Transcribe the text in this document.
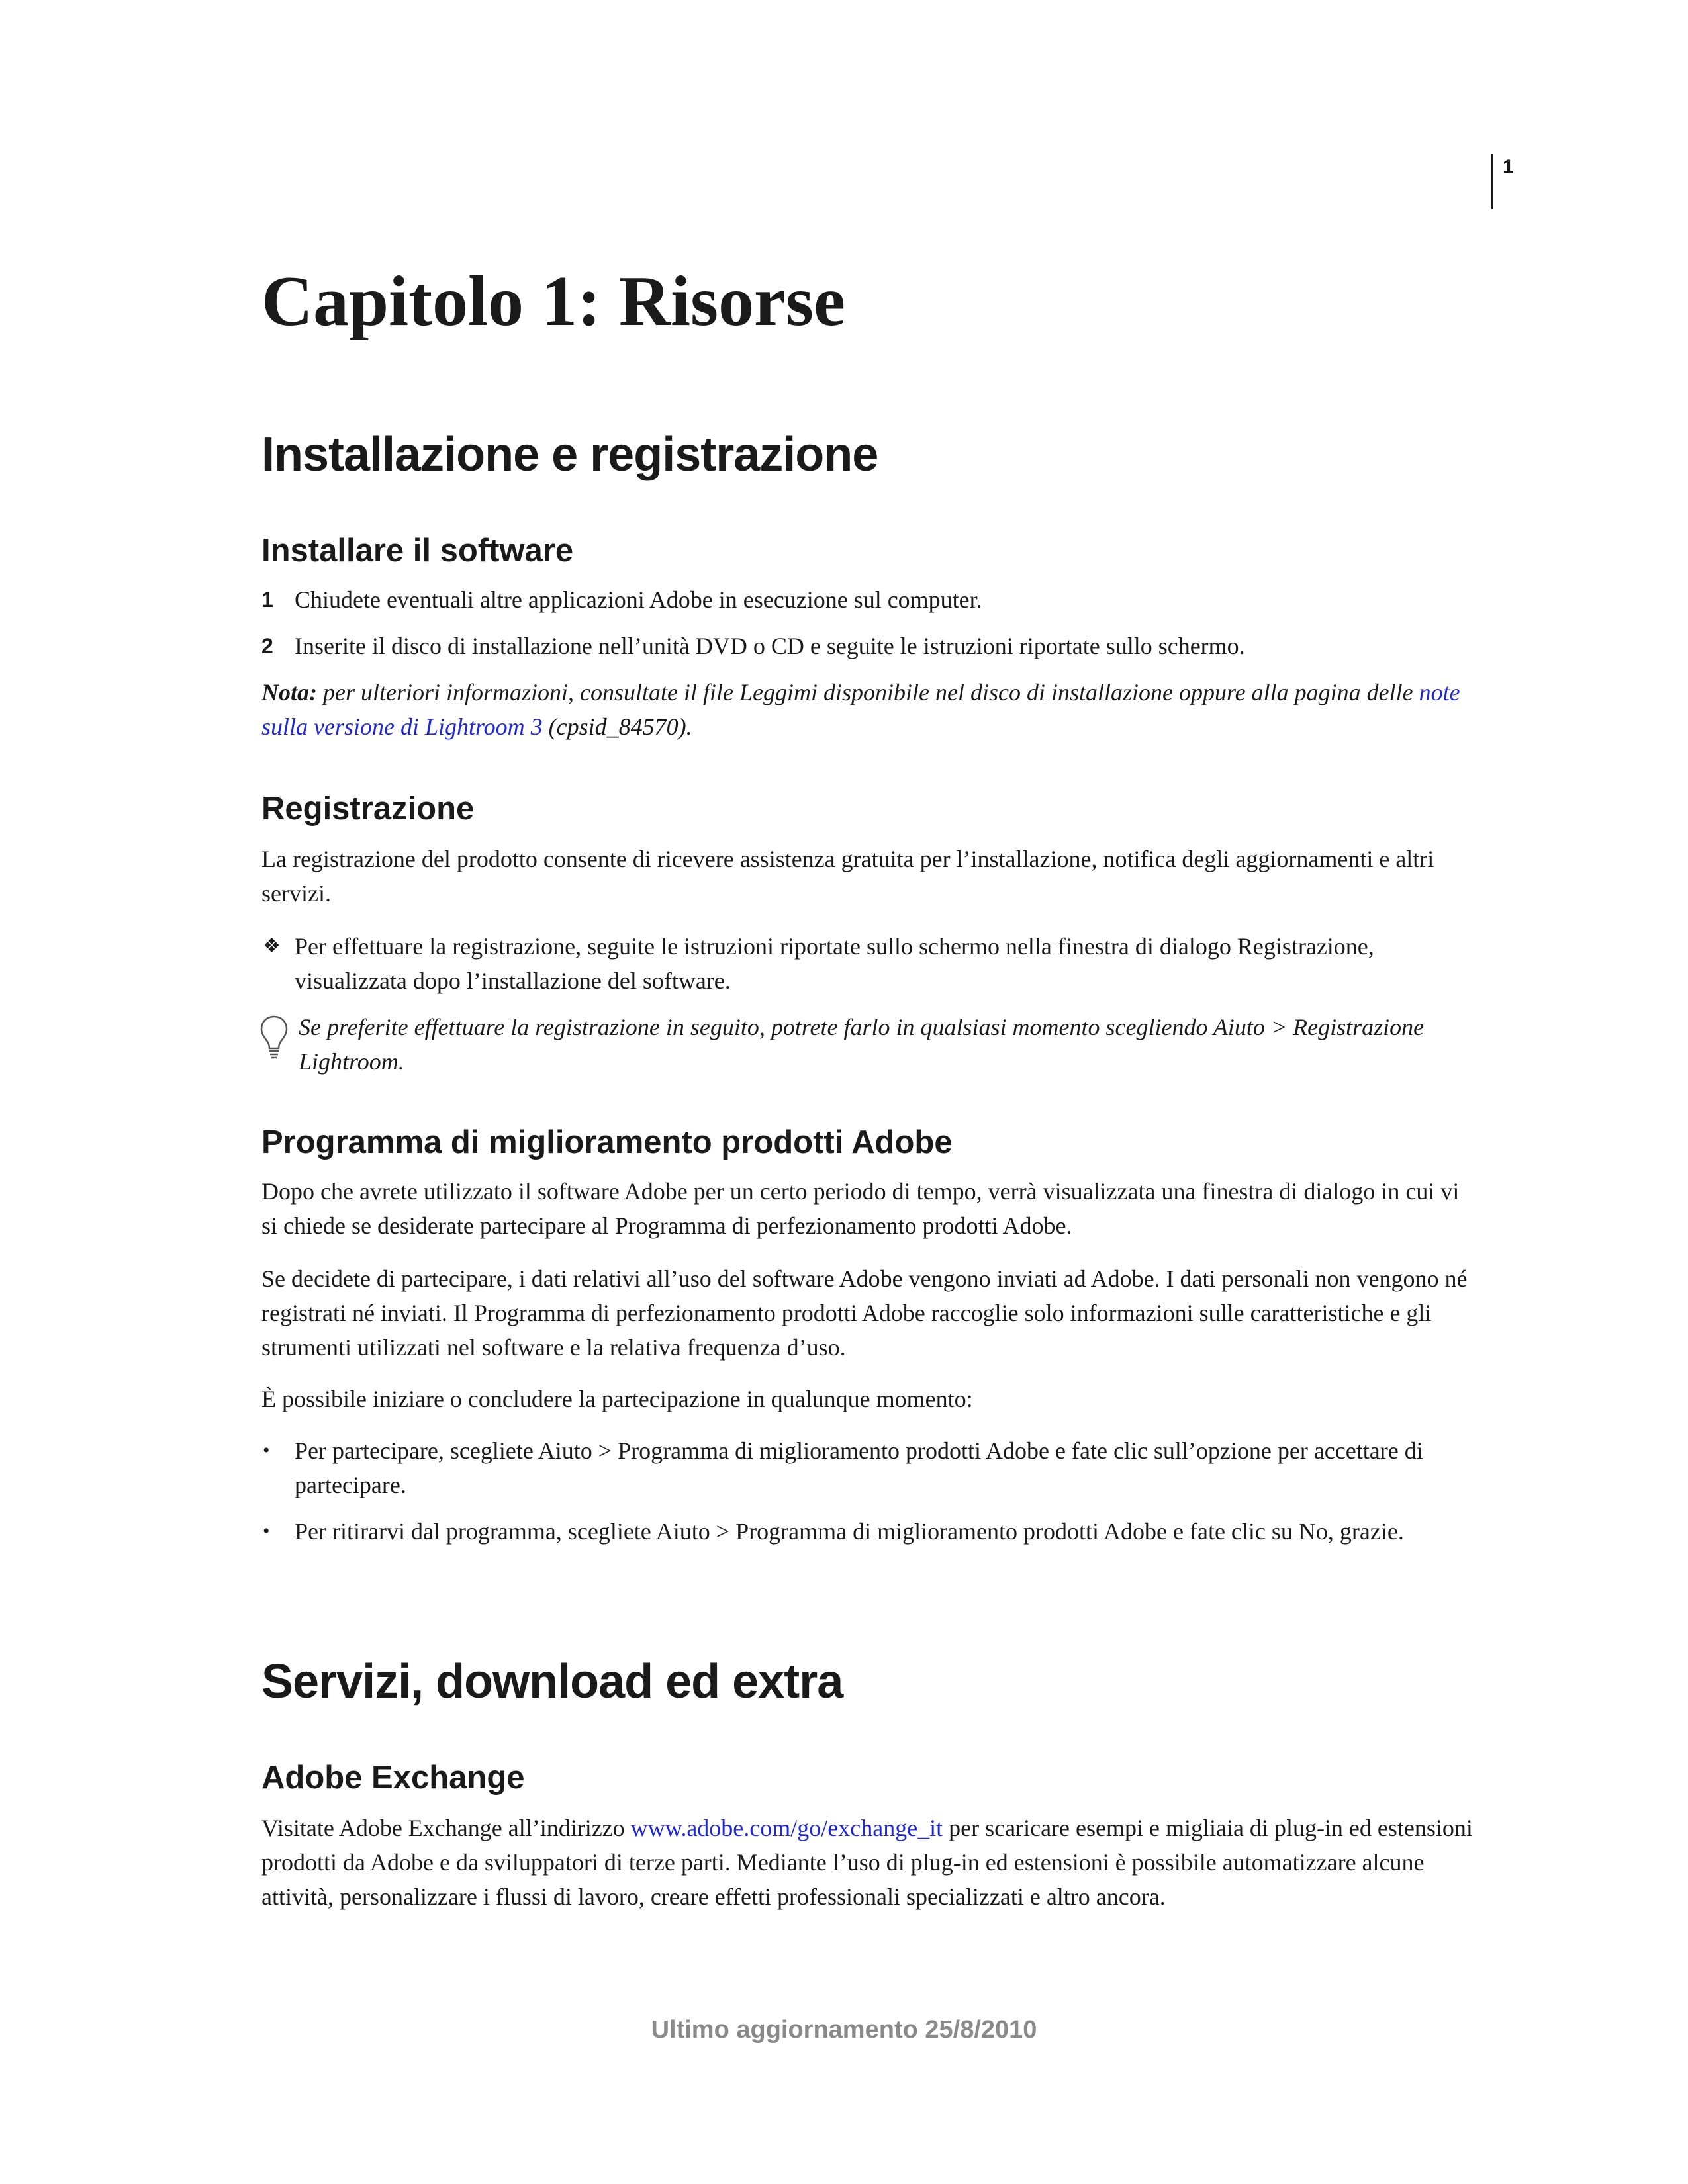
1
Capitolo 1: Risorse
Installazione e registrazione
Installare il software
1 Chiudete eventuali altre applicazioni Adobe in esecuzione sul computer.
2 Inserite il disco di installazione nell’unità DVD o CD e seguite le istruzioni riportate sullo schermo.
Nota: per ulteriori informazioni, consultate il file Leggimi disponibile nel disco di installazione oppure alla pagina delle note sulla versione di Lightroom 3 (cpsid_84570).
Registrazione
La registrazione del prodotto consente di ricevere assistenza gratuita per l’installazione, notifica degli aggiornamenti e altri servizi.
❖ Per effettuare la registrazione, seguite le istruzioni riportate sullo schermo nella finestra di dialogo Registrazione, visualizzata dopo l’installazione del software.
Se preferite effettuare la registrazione in seguito, potrete farlo in qualsiasi momento scegliendo Aiuto > Registrazione Lightroom.
Programma di miglioramento prodotti Adobe
Dopo che avrete utilizzato il software Adobe per un certo periodo di tempo, verrà visualizzata una finestra di dialogo in cui vi si chiede se desiderate partecipare al Programma di perfezionamento prodotti Adobe.
Se decidete di partecipare, i dati relativi all’uso del software Adobe vengono inviati ad Adobe. I dati personali non vengono né registrati né inviati. Il Programma di perfezionamento prodotti Adobe raccoglie solo informazioni sulle caratteristiche e gli strumenti utilizzati nel software e la relativa frequenza d’uso.
È possibile iniziare o concludere la partecipazione in qualunque momento:
• Per partecipare, scegliete Aiuto > Programma di miglioramento prodotti Adobe e fate clic sull’opzione per accettare di partecipare.
• Per ritirarvi dal programma, scegliete Aiuto > Programma di miglioramento prodotti Adobe e fate clic su No, grazie.
Servizi, download ed extra
Adobe Exchange
Visitate Adobe Exchange all’indirizzo www.adobe.com/go/exchange_it per scaricare esempi e migliaia di plug-in ed estensioni prodotti da Adobe e da sviluppatori di terze parti. Mediante l’uso di plug-in ed estensioni è possibile automatizzare alcune attività, personalizzare i flussi di lavoro, creare effetti professionali specializzati e altro ancora.
Ultimo aggiornamento 25/8/2010
